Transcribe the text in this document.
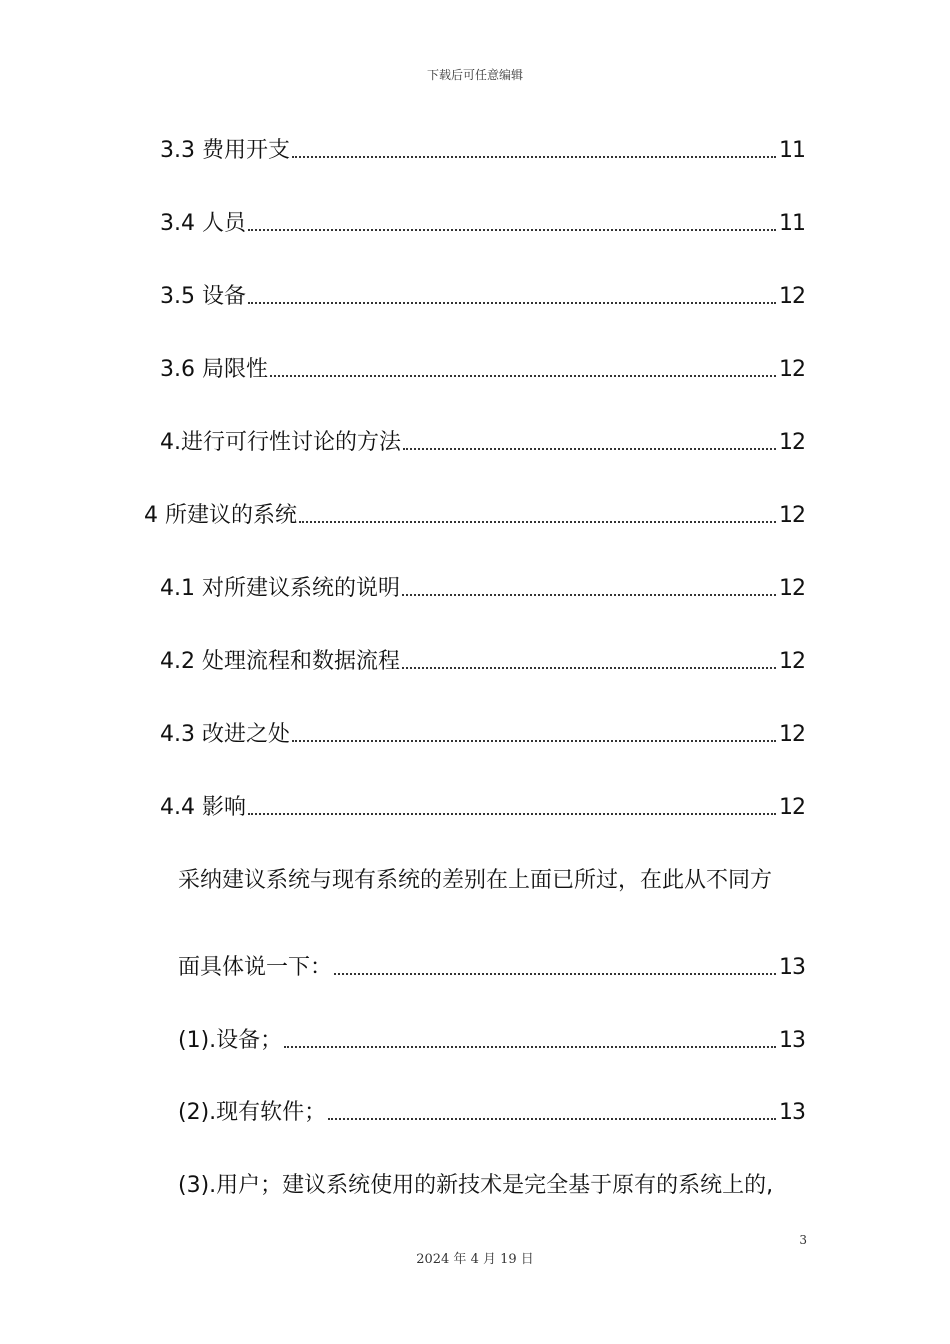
下载后可任意编辑
3.3 费用开支	11
3.4 人员	11
3.5 设备	12
3.6 局限性	12
4.进行可行性讨论的方法	12
4 所建议的系统	12
4.1 对所建议系统的说明	12
4.2 处理流程和数据流程	12
4.3 改进之处	12
4.4 影响	12
采纳建议系统与现有系统的差别在上面已所过，在此从不同方
面具体说一下：	13
(1).设备；	13
(2).现有软件；	13
(3).用户；建议系统使用的新技术是完全基于原有的系统上的,
3
2024 年 4 月 19 日
